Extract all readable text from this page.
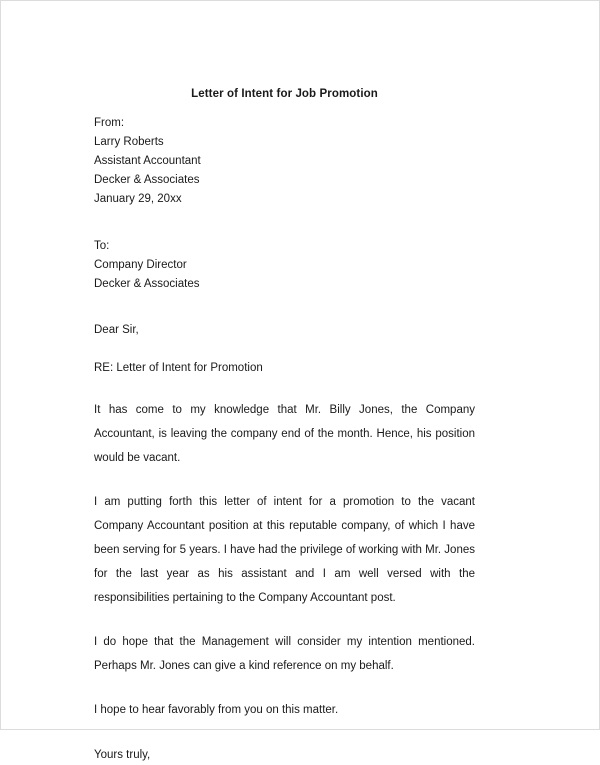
Letter of Intent for Job Promotion
From:
Larry Roberts
Assistant Accountant
Decker & Associates
January 29, 20xx
To:
Company Director
Decker & Associates
Dear Sir,
RE: Letter of Intent for Promotion

It has come to my knowledge that Mr. Billy Jones, the Company Accountant, is leaving the company end of the month. Hence, his position would be vacant.

I am putting forth this letter of intent for a promotion to the vacant Company Accountant position at this reputable company, of which I have been serving for 5 years. I have had the privilege of working with Mr. Jones for the last year as his assistant and I am well versed with the responsibilities pertaining to the Company Accountant post.

I do hope that the Management will consider my intention mentioned. Perhaps Mr. Jones can give a kind reference on my behalf.

I hope to hear favorably from you on this matter.

Yours truly,
